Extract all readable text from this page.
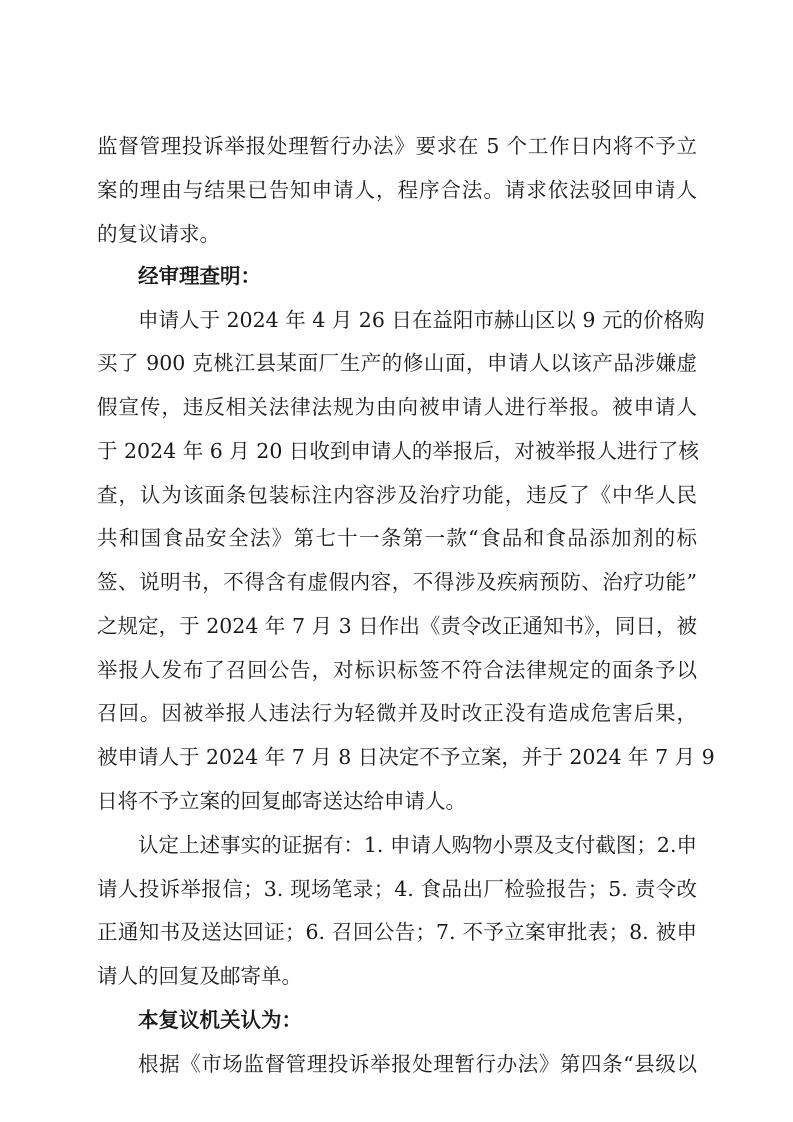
监督管理投诉举报处理暂行办法》要求在 5 个工作日内将不予立
案的理由与结果已告知申请人，程序合法。请求依法驳回申请人
的复议请求。
经审理查明：
申请人于 2024 年 4 月 26 日在益阳市赫山区以 9 元的价格购
买了 900 克桃江县某面厂生产的修山面，申请人以该产品涉嫌虚
假宣传，违反相关法律法规为由向被申请人进行举报。被申请人
于 2024 年 6 月 20 日收到申请人的举报后，对被举报人进行了核
查，认为该面条包装标注内容涉及治疗功能，违反了《中华人民
共和国食品安全法》第七十一条第一款“食品和食品添加剂的标
签、说明书，不得含有虚假内容，不得涉及疾病预防、治疗功能”
之规定，于 2024 年 7 月 3 日作出《责令改正通知书》，同日，被
举报人发布了召回公告，对标识标签不符合法律规定的面条予以
召回。因被举报人违法行为轻微并及时改正没有造成危害后果，
被申请人于 2024 年 7 月 8 日决定不予立案，并于 2024 年 7 月 9
日将不予立案的回复邮寄送达给申请人。
认定上述事实的证据有：1. 申请人购物小票及支付截图；2.申
请人投诉举报信；3. 现场笔录；4. 食品出厂检验报告；5. 责令改
正通知书及送达回证；6. 召回公告；7. 不予立案审批表；8. 被申
请人的回复及邮寄单。
本复议机关认为：
根据《市场监督管理投诉举报处理暂行办法》第四条“县级以
